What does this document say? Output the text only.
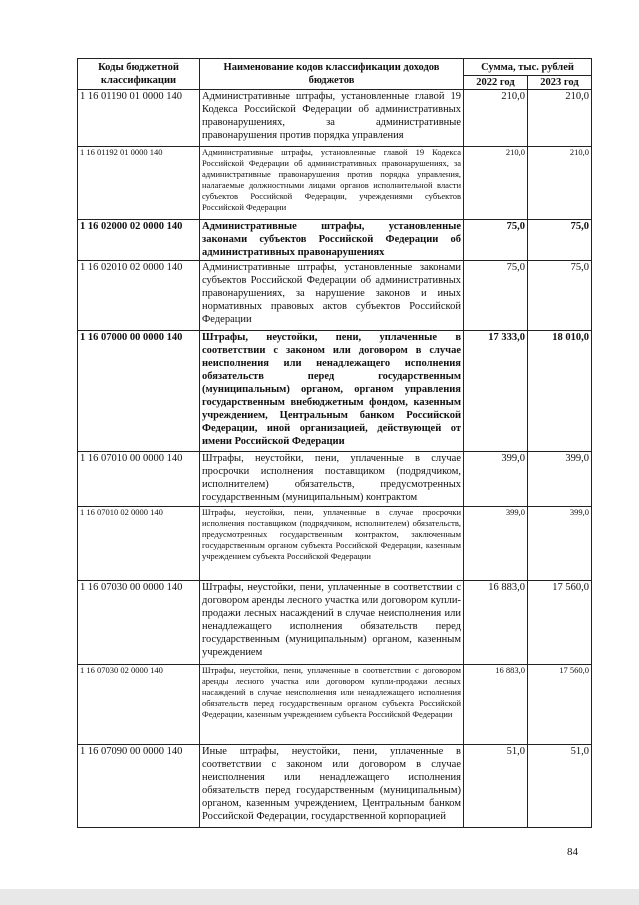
Коды бюджетной классификации	Наименование кодов классификации доходов бюджетов	Сумма, тыс. рублей	
		2022 год	2023 год
1 16 01190 01 0000 140	Административные штрафы, установленные главой 19 Кодекса Российской Федерации об административных правонарушениях, за административные правонарушения против порядка управления	210,0	210,0
1 16 01192 01 0000 140	Административные штрафы, установленные главой 19 Кодекса Российской Федерации об административных правонарушениях, за административные правонарушения против порядка управления, налагаемые должностными лицами органов исполнительной власти субъектов Российской Федерации, учреждениями субъектов Российской Федерации	210,0	210,0
1 16 02000 02 0000 140	Административные штрафы, установленные законами субъектов Российской Федерации об административных правонарушениях	75,0	75,0
1 16 02010 02 0000 140	Административные штрафы, установленные законами субъектов Российской Федерации об административных правонарушениях, за нарушение законов и иных нормативных правовых актов субъектов Российской Федерации	75,0	75,0
1 16 07000 00 0000 140	Штрафы, неустойки, пени, уплаченные в соответствии с законом или договором в случае неисполнения или ненадлежащего исполнения обязательств перед государственным (муниципальным) органом, органом управления государственным внебюджетным фондом, казенным учреждением, Центральным банком Российской Федерации, иной организацией, действующей от имени Российской Федерации	17 333,0	18 010,0
1 16 07010 00 0000 140	Штрафы, неустойки, пени, уплаченные в случае просрочки исполнения поставщиком (подрядчиком, исполнителем) обязательств, предусмотренных государственным (муниципальным) контрактом	399,0	399,0
1 16 07010 02 0000 140	Штрафы, неустойки, пени, уплаченные в случае просрочки исполнения поставщиком (подрядчиком, исполнителем) обязательств, предусмотренных государственным контрактом, заключенным государственным органом субъекта Российской Федерации, казенным учреждением субъекта Российской Федерации	399,0	399,0
1 16 07030 00 0000 140	Штрафы, неустойки, пени, уплаченные в соответствии с договором аренды лесного участка или договором купли-продажи лесных насаждений в случае неисполнения или ненадлежащего исполнения обязательств перед государственным (муниципальным) органом, казенным учреждением	16 883,0	17 560,0
1 16 07030 02 0000 140	Штрафы, неустойки, пени, уплаченные в соответствии с договором аренды лесного участка или договором купли-продажи лесных насаждений в случае неисполнения или ненадлежащего исполнения обязательств перед государственным органом субъекта Российской Федерации, казенным учреждением субъекта Российской Федерации	16 883,0	17 560,0
1 16 07090 00 0000 140	Иные штрафы, неустойки, пени, уплаченные в соответствии с законом или договором в случае неисполнения или ненадлежащего исполнения обязательств перед государственным (муниципальным) органом, казенным учреждением, Центральным банком Российской Федерации, государственной корпорацией	51,0	51,0
84
